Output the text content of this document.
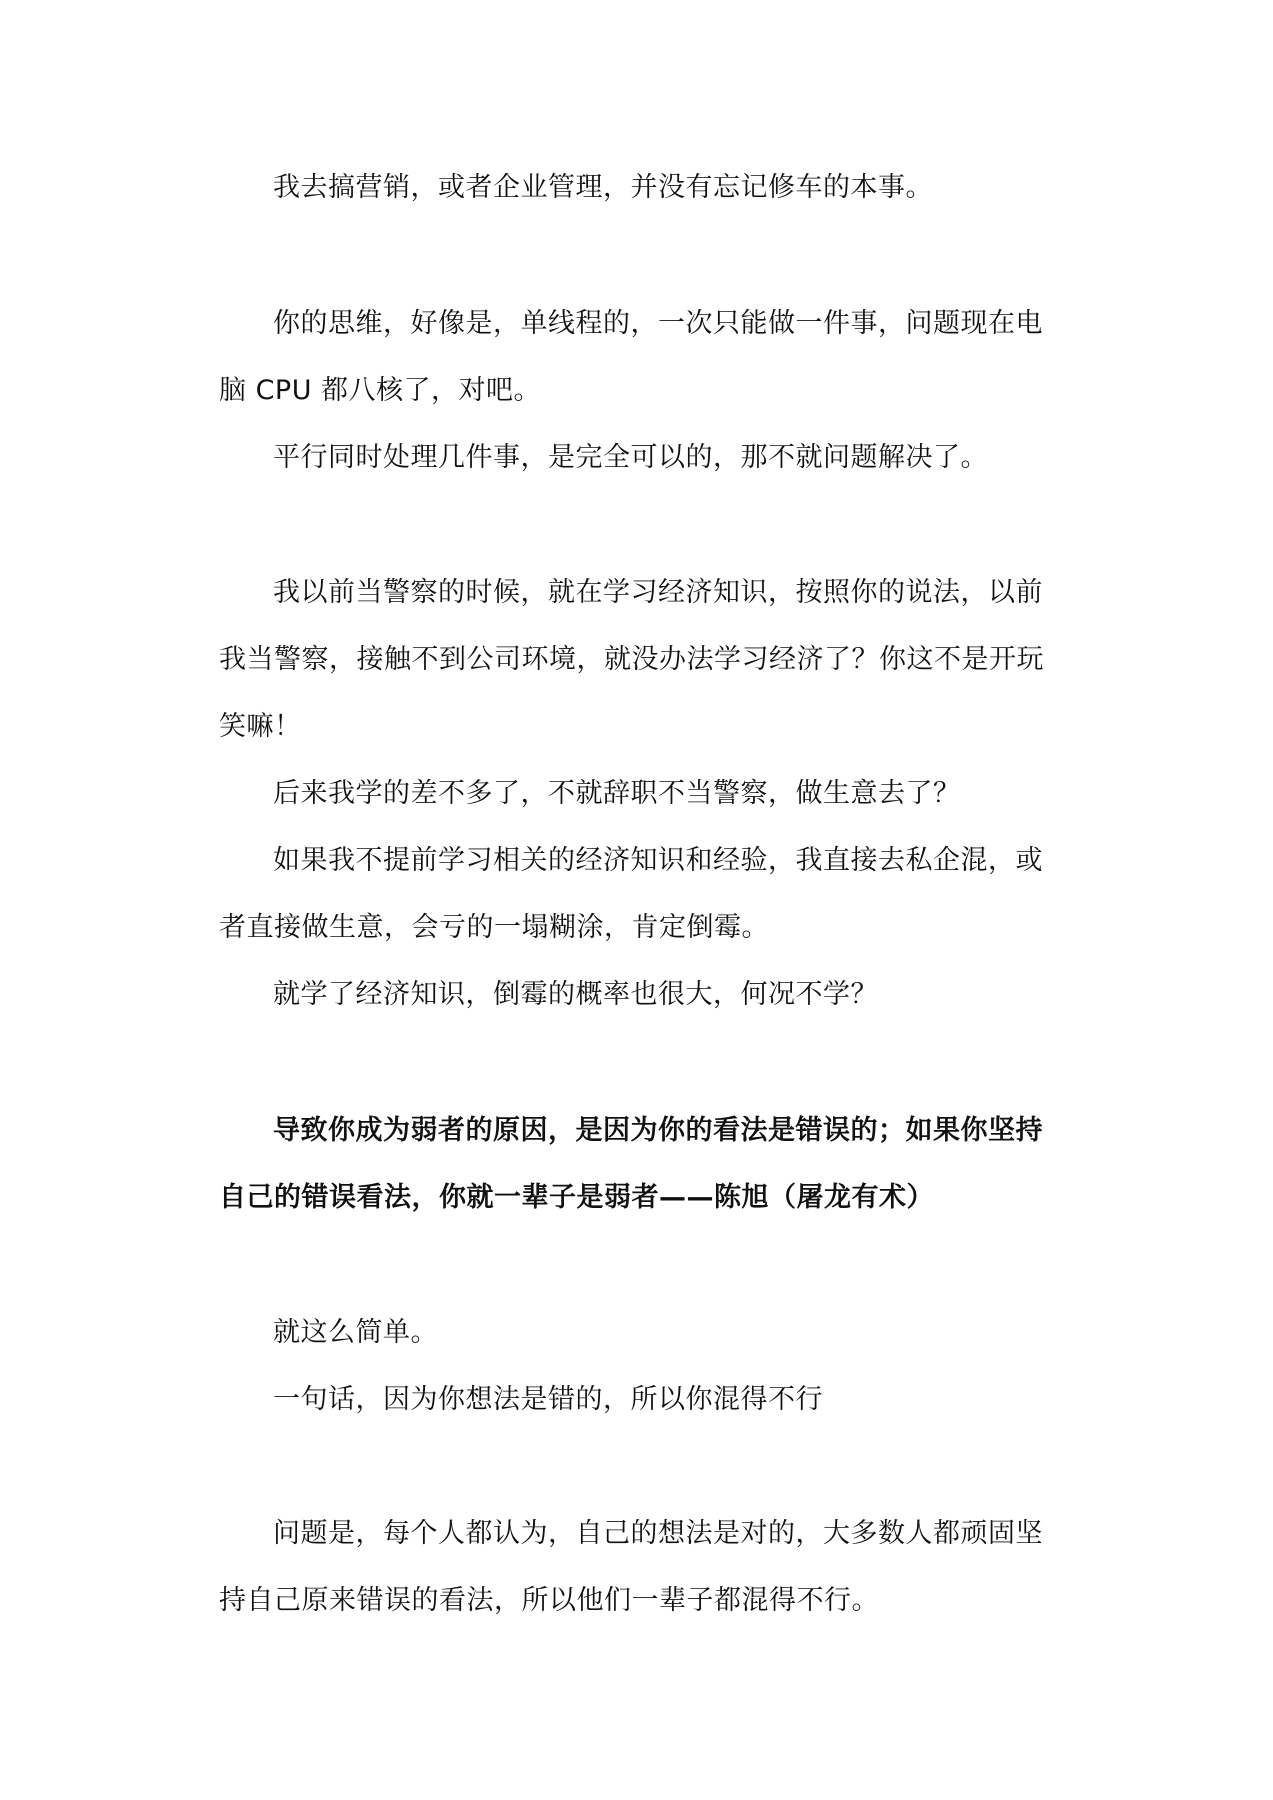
我去搞营销，或者企业管理，并没有忘记修车的本事。

你的思维，好像是，单线程的，一次只能做一件事，问题现在电脑 CPU 都八核了，对吧。

平行同时处理几件事，是完全可以的，那不就问题解决了。

我以前当警察的时候，就在学习经济知识，按照你的说法，以前我当警察，接触不到公司环境，就没办法学习经济了？你这不是开玩笑嘛！

后来我学的差不多了，不就辞职不当警察，做生意去了？

如果我不提前学习相关的经济知识和经验，我直接去私企混，或者直接做生意，会亏的一塌糊涂，肯定倒霉。

就学了经济知识，倒霉的概率也很大，何况不学？

导致你成为弱者的原因，是因为你的看法是错误的；如果你坚持自己的错误看法，你就一辈子是弱者——陈旭（屠龙有术）

就这么简单。

一句话，因为你想法是错的，所以你混得不行

问题是，每个人都认为，自己的想法是对的，大多数人都顽固坚持自己原来错误的看法，所以他们一辈子都混得不行。
